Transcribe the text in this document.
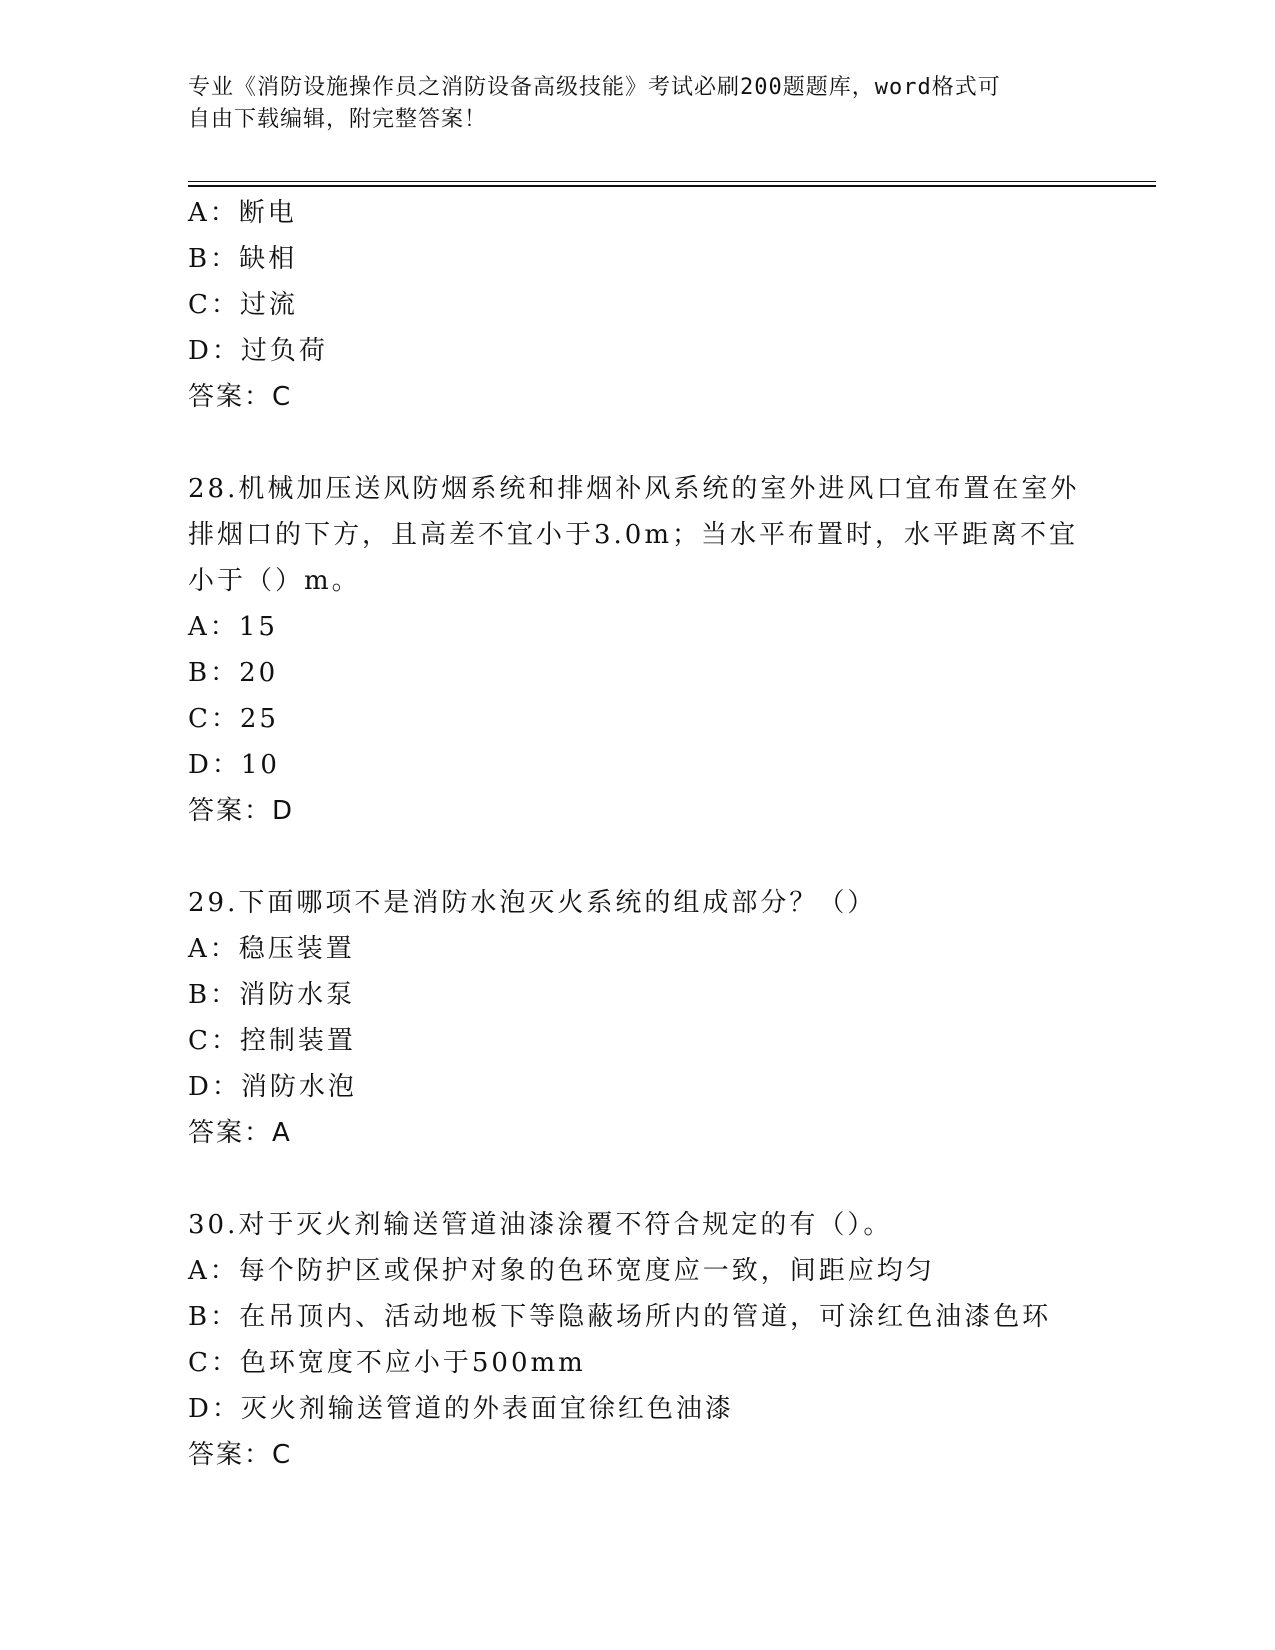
专业《消防设施操作员之消防设备高级技能》考试必刷200题题库，word格式可
自由下载编辑，附完整答案！
A：断电
B：缺相
C：过流
D：过负荷
答案：C
28.机械加压送风防烟系统和排烟补风系统的室外进风口宜布置在室外
排烟口的下方，且高差不宜小于3.0m；当水平布置时，水平距离不宜
小于（）m。
A：15
B：20
C：25
D：10
答案：D
29.下面哪项不是消防水泡灭火系统的组成部分？（）
A：稳压装置
B：消防水泵
C：控制装置
D：消防水泡
答案：A
30.对于灭火剂输送管道油漆涂覆不符合规定的有（）。
A：每个防护区或保护对象的色环宽度应一致，间距应均匀
B：在吊顶内、活动地板下等隐蔽场所内的管道，可涂红色油漆色环
C：色环宽度不应小于500mm
D：灭火剂输送管道的外表面宜徐红色油漆
答案：C
